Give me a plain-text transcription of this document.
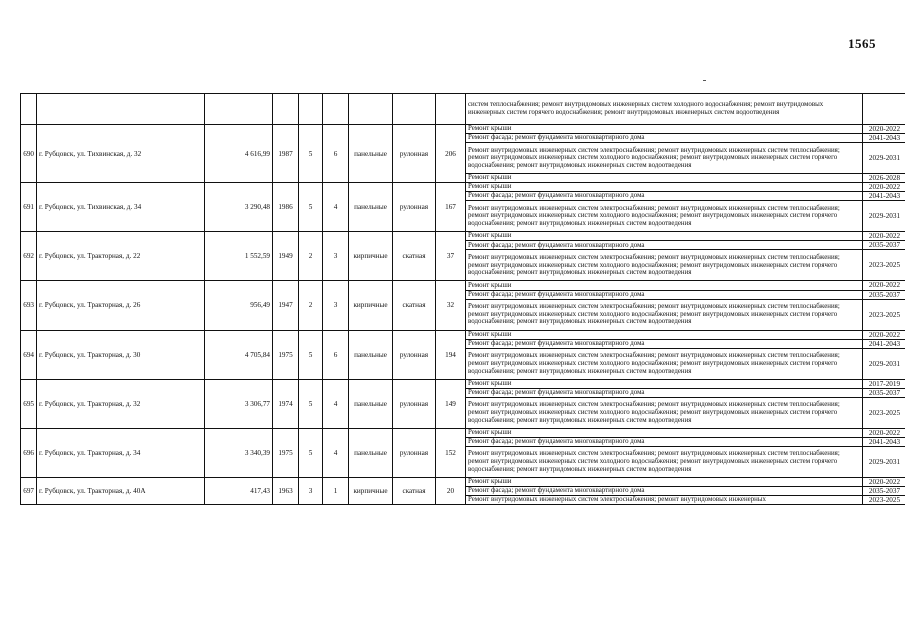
1565
									систем теплоснабжения; ремонт внутридомовых инженерных систем холодного водоснабжения; ремонт внутридомовых инженерных систем горячего водоснабжения; ремонт внутридомовых инженерных систем водоотведения	
690	г. Рубцовск, ул. Тихвинская, д. 32	4 616,99	1987	5	6	панельные	рулонная	206	Ремонт крыши	2020-2022
									Ремонт фасада; ремонт фундамента многоквартирного дома	2041-2043
									Ремонт внутридомовых инженерных систем электроснабжения; ремонт внутридомовых инженерных систем теплоснабжения; ремонт внутридомовых инженерных систем холодного водоснабжения; ремонт внутридомовых инженерных систем горячего водоснабжения; ремонт внутридомовых инженерных систем водоотведения	2029-2031
									Ремонт крыши	2026-2028
691	г. Рубцовск, ул. Тихвинская, д. 34	3 290,48	1986	5	4	панельные	рулонная	167	Ремонт крыши	2020-2022
									Ремонт фасада; ремонт фундамента многоквартирного дома	2041-2043
									Ремонт внутридомовых инженерных систем электроснабжения; ремонт внутридомовых инженерных систем теплоснабжения; ремонт внутридомовых инженерных систем холодного водоснабжения; ремонт внутридомовых инженерных систем горячего водоснабжения; ремонт внутридомовых инженерных систем водоотведения	2029-2031
692	г. Рубцовск, ул. Тракторная, д. 22	1 552,59	1949	2	3	кирпичные	скатная	37	Ремонт крыши	2020-2022
									Ремонт фасада; ремонт фундамента многоквартирного дома	2035-2037
									Ремонт внутридомовых инженерных систем электроснабжения; ремонт внутридомовых инженерных систем теплоснабжения; ремонт внутридомовых инженерных систем холодного водоснабжения; ремонт внутридомовых инженерных систем горячего водоснабжения; ремонт внутридомовых инженерных систем водоотведения	2023-2025
693	г. Рубцовск, ул. Тракторная, д. 26	956,49	1947	2	3	кирпичные	скатная	32	Ремонт крыши	2020-2022
									Ремонт фасада; ремонт фундамента многоквартирного дома	2035-2037
									Ремонт внутридомовых инженерных систем электроснабжения; ремонт внутридомовых инженерных систем теплоснабжения; ремонт внутридомовых инженерных систем холодного водоснабжения; ремонт внутридомовых инженерных систем горячего водоснабжения; ремонт внутридомовых инженерных систем водоотведения	2023-2025
694	г. Рубцовск, ул. Тракторная, д. 30	4 705,84	1975	5	6	панельные	рулонная	194	Ремонт крыши	2020-2022
									Ремонт фасада; ремонт фундамента многоквартирного дома	2041-2043
									Ремонт внутридомовых инженерных систем электроснабжения; ремонт внутридомовых инженерных систем теплоснабжения; ремонт внутридомовых инженерных систем холодного водоснабжения; ремонт внутридомовых инженерных систем горячего водоснабжения; ремонт внутридомовых инженерных систем водоотведения	2029-2031
695	г. Рубцовск, ул. Тракторная, д. 32	3 306,77	1974	5	4	панельные	рулонная	149	Ремонт крыши	2017-2019
									Ремонт фасада; ремонт фундамента многоквартирного дома	2035-2037
									Ремонт внутридомовых инженерных систем электроснабжения; ремонт внутридомовых инженерных систем теплоснабжения; ремонт внутридомовых инженерных систем холодного водоснабжения; ремонт внутридомовых инженерных систем горячего водоснабжения; ремонт внутридомовых инженерных систем водоотведения	2023-2025
696	г. Рубцовск, ул. Тракторная, д. 34	3 340,39	1975	5	4	панельные	рулонная	152	Ремонт крыши	2020-2022
									Ремонт фасада; ремонт фундамента многоквартирного дома	2041-2043
									Ремонт внутридомовых инженерных систем электроснабжения; ремонт внутридомовых инженерных систем теплоснабжения; ремонт внутридомовых инженерных систем холодного водоснабжения; ремонт внутридомовых инженерных систем горячего водоснабжения; ремонт внутридомовых инженерных систем водоотведения	2029-2031
697	г. Рубцовск, ул. Тракторная, д. 40А	417,43	1963	3	1	кирпичные	скатная	20	Ремонт крыши	2020-2022
									Ремонт фасада; ремонт фундамента многоквартирного дома	2035-2037
									Ремонт внутридомовых инженерных систем электроснабжения; ремонт внутридомовых инженерных	2023-2025
